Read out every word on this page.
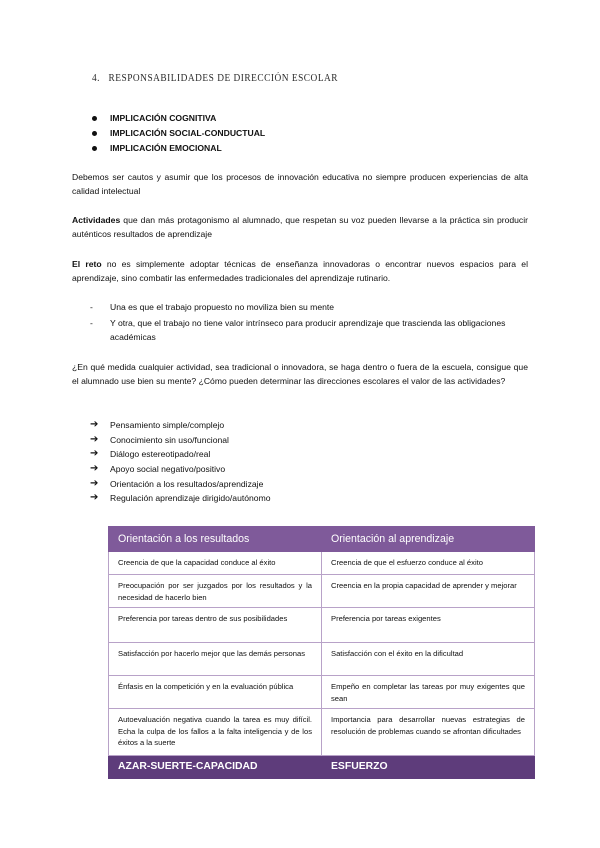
4. RESPONSABILIDADES DE DIRECCIÓN ESCOLAR
IMPLICACIÓN COGNITIVA
IMPLICACIÓN SOCIAL-CONDUCTUAL
IMPLICACIÓN EMOCIONAL

Debemos ser cautos y asumir que los procesos de innovación educativa no siempre producen experiencias de alta calidad intelectual

Actividades que dan más protagonismo al alumnado, que respetan su voz pueden llevarse a la práctica sin producir auténticos resultados de aprendizaje

El reto no es simplemente adoptar técnicas de enseñanza innovadoras o encontrar nuevos espacios para el aprendizaje, sino combatir las enfermedades tradicionales del aprendizaje rutinario.

- Una es que el trabajo propuesto no moviliza bien su mente
- Y otra, que el trabajo no tiene valor intrínseco para producir aprendizaje que trascienda las obligaciones académicas

¿En qué medida cualquier actividad, sea tradicional o innovadora, se haga dentro o fuera de la escuela, consigue que el alumnado use bien su mente? ¿Cómo pueden determinar las direcciones escolares el valor de las actividades?

➔ Pensamiento simple/complejo
➔ Conocimiento sin uso/funcional
➔ Diálogo estereotipado/real
➔ Apoyo social negativo/positivo
➔ Orientación a los resultados/aprendizaje
➔ Regulación aprendizaje dirigido/autónomo
Orientación a los resultados	Orientación al aprendizaje
Creencia de que la capacidad conduce al éxito	Creencia de que el esfuerzo conduce al éxito
Preocupación por ser juzgados por los resultados y la necesidad de hacerlo bien	Creencia en la propia capacidad de aprender y mejorar
Preferencia por tareas dentro de sus posibilidades	Preferencia por tareas exigentes
Satisfacción por hacerlo mejor que las demás personas	Satisfacción con el éxito en la dificultad
Énfasis en la competición y en la evaluación pública	Empeño en completar las tareas por muy exigentes que sean
Autoevaluación negativa cuando la tarea es muy difícil. Echa la culpa de los fallos a la falta inteligencia y de los éxitos a la suerte	Importancia para desarrollar nuevas estrategias de resolución de problemas cuando se afrontan dificultades
AZAR-SUERTE-CAPACIDAD	ESFUERZO
